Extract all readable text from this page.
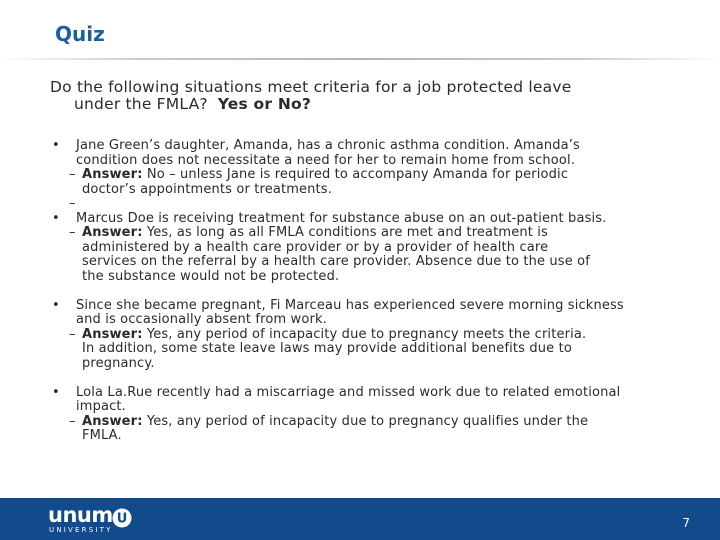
Quiz
Do the following situations meet criteria for a job protected leave
under the FMLA? Yes or No?
• Jane Green’s daughter, Amanda, has a chronic asthma condition. Amanda’s
condition does not necessitate a need for her to remain home from school.
– Answer: No – unless Jane is required to accompany Amanda for periodic
doctor’s appointments or treatments.
–
• Marcus Doe is receiving treatment for substance abuse on an out-patient basis.
– Answer: Yes, as long as all FMLA conditions are met and treatment is
administered by a health care provider or by a provider of health care
services on the referral by a health care provider. Absence due to the use of
the substance would not be protected.
• Since she became pregnant, Fi Marceau has experienced severe morning sickness
and is occasionally absent from work.
– Answer: Yes, any period of incapacity due to pregnancy meets the criteria.
In addition, some state leave laws may provide additional benefits due to
pregnancy.
• Lola La.Rue recently had a miscarriage and missed work due to related emotional
impact.
– Answer: Yes, any period of incapacity due to pregnancy qualifies under the
FMLA.
unum
UNIVERSITY
U	7
